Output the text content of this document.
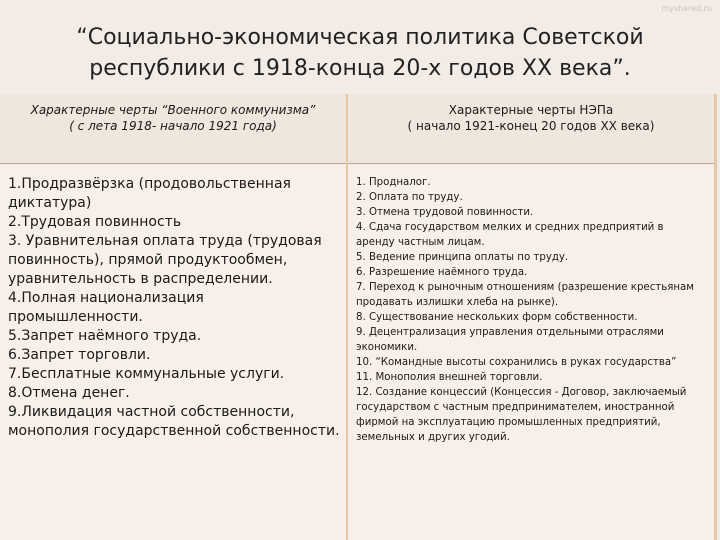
myshared.ru
“Социально-экономическая политика Советской
республики с 1918-конца 20-х годов XX века”.
Характерные черты “Военного коммунизма”
( с лета 1918- начало 1921 года)
Характерные черты НЭПа
( начало 1921-конец 20 годов XX века)
1.Продразвёрзка (продовольственная диктатура)
2.Трудовая повинность
3. Уравнительная оплата труда (трудовая повинность), прямой продуктообмен, уравнительность в распределении.
4.Полная национализация промышленности.
5.Запрет наёмного труда.
6.Запрет торговли.
7.Бесплатные коммунальные услуги.
8.Отмена денег.
9.Ликвидация частной собственности, монополия государственной собственности.
1. Продналог.
2. Оплата по труду.
3. Отмена трудовой повинности.
4. Сдача государством мелких и средних предприятий в аренду частным лицам.
5. Ведение принципа оплаты по труду.
6. Разрешение наёмного труда.
7. Переход к рыночным отношениям (разрешение крестьянам продавать излишки хлеба на рынке).
8. Существование нескольких форм собственности.
9. Децентрализация управления отдельными отраслями экономики.
10. “Командные высоты сохранились в руках государства”
11. Монополия внешней торговли.
12. Создание концессий (Концессия - Договор, заключаемый государством с частным предпринимателем, иностранной фирмой на эксплуатацию промышленных предприятий, земельных и других угодий.
